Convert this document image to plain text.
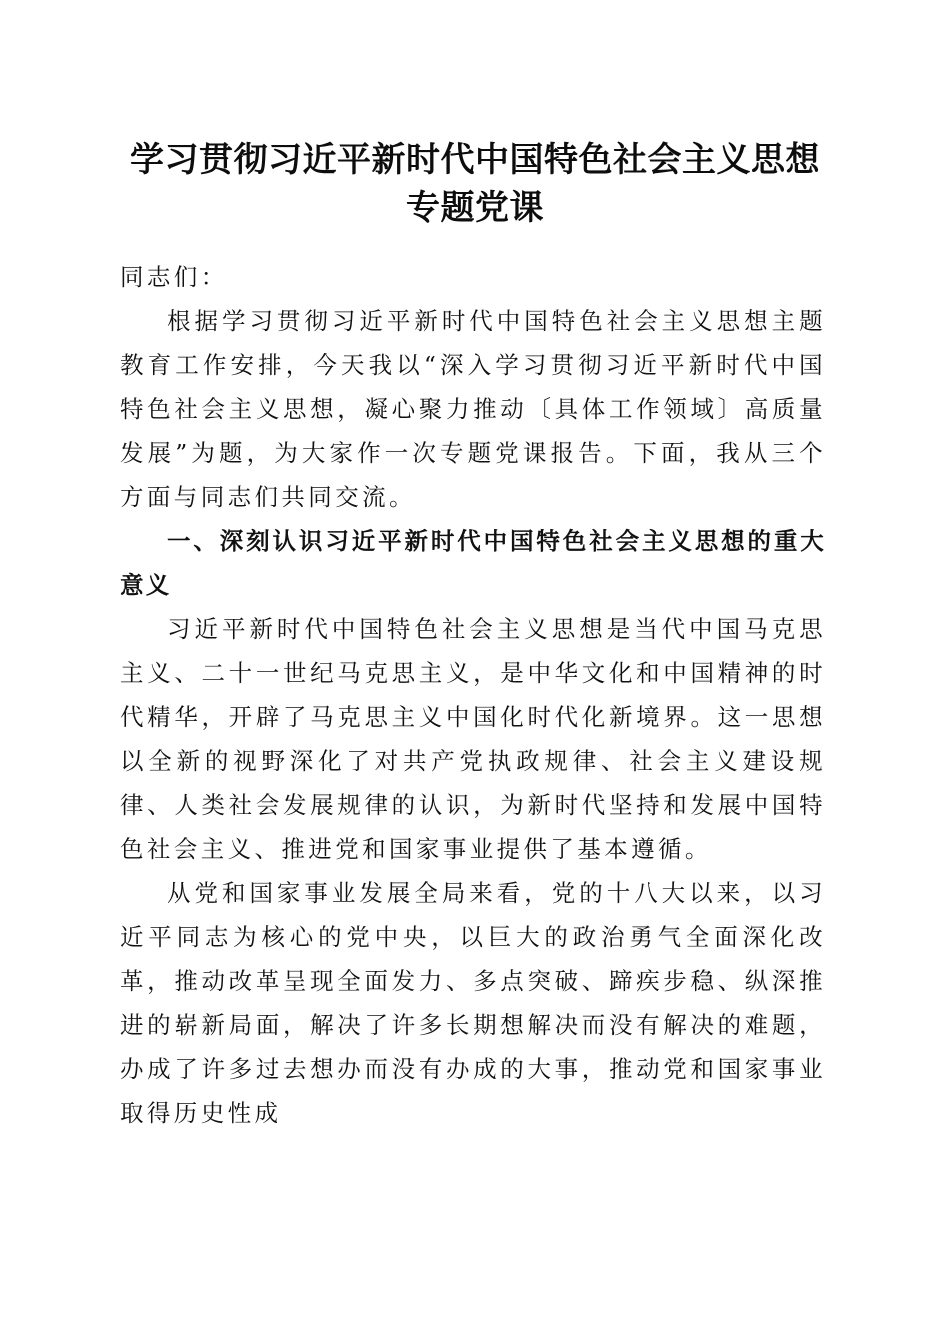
学习贯彻习近平新时代中国特色社会主义思想
专题党课

同志们：

根据学习贯彻习近平新时代中国特色社会主义思想主题教育工作安排，今天我以“深入学习贯彻习近平新时代中国特色社会主义思想，凝心聚力推动〔具体工作领域〕高质量发展”为题，为大家作一次专题党课报告。下面，我从三个方面与同志们共同交流。

一、深刻认识习近平新时代中国特色社会主义思想的重大意义

习近平新时代中国特色社会主义思想是当代中国马克思主义、二十一世纪马克思主义，是中华文化和中国精神的时代精华，开辟了马克思主义中国化时代化新境界。这一思想以全新的视野深化了对共产党执政规律、社会主义建设规律、人类社会发展规律的认识，为新时代坚持和发展中国特色社会主义、推进党和国家事业提供了基本遵循。

从党和国家事业发展全局来看，党的十八大以来，以习近平同志为核心的党中央，以巨大的政治勇气全面深化改革，推动改革呈现全面发力、多点突破、蹄疾步稳、纵深推进的崭新局面，解决了许多长期想解决而没有解决的难题，办成了许多过去想办而没有办成的大事，推动党和国家事业取得历史性成
